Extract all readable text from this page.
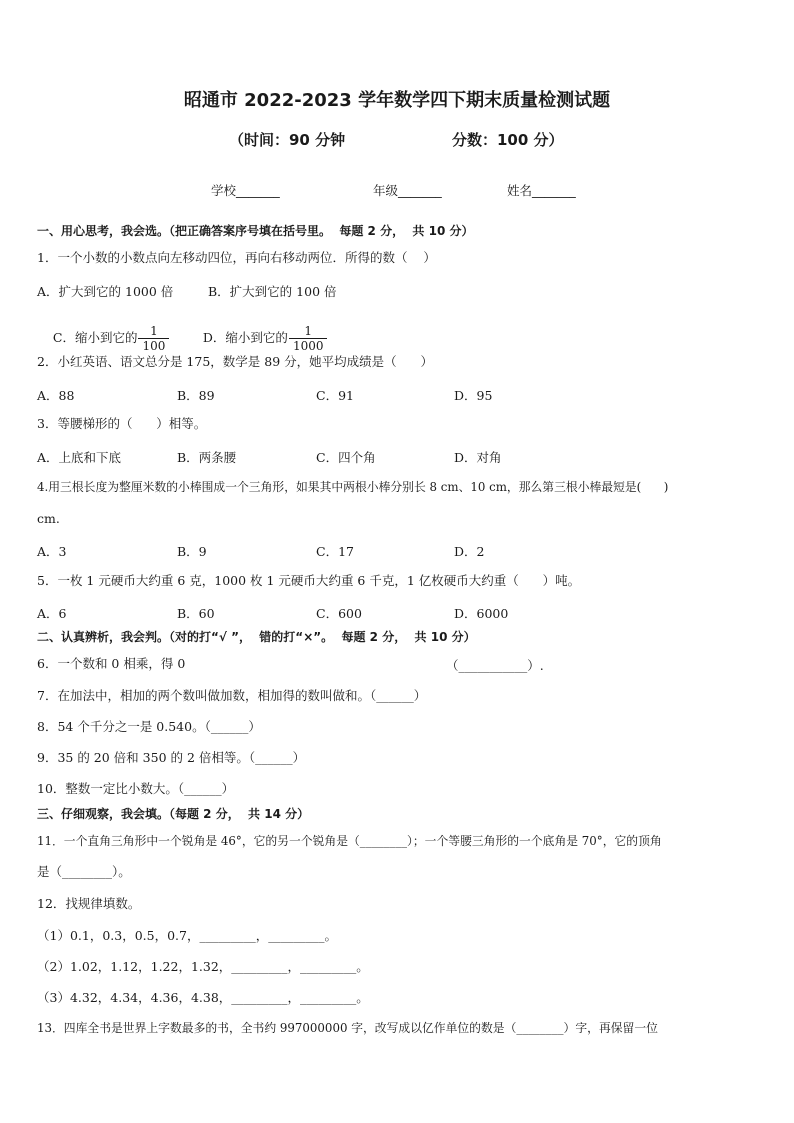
昭通市 2022-2023 学年数学四下期末质量检测试题
（时间：90 分钟	分数：100 分）
学校_______	年级_______	姓名_______
一、用心思考，我会选。（把正确答案序号填在括号里。  每题 2 分，  共 10 分）
1．一个小数的小数点向左移动四位，再向右移动两位．所得的数（    ）
A．扩大到它的 1000 倍	B．扩大到它的 100 倍

C．缩小到它的 $\frac{1}{100}$

	D．缩小到它的 $\frac{1}{1000}$

2．小红英语、语文总分是 175，数学是 89 分，她平均成绩是（      ）
A．88	B．89	C．91	D．95
3．等腰梯形的（      ）相等。
A．上底和下底	B．两条腰	C．四个角	D．对角
4.用三根长度为整厘米数的小棒围成一个三角形，如果其中两根小棒分别长 8 cm、10 cm，那么第三根小棒最短是(      )
cm.
A．3	B．9	C．17	D．2
5．一枚 1 元硬币大约重 6 克，1000 枚 1 元硬币大约重 6 千克，1 亿枚硬币大约重（      ）吨。
A．6	B．60	C．600	D．6000
二、认真辨析，我会判。（对的打“√ ”，  错的打“×”。  每题 2 分，  共 10 分）
6．一个数和 0 相乘，得 0	（___________）.
7．在加法中，相加的两个数叫做加数，相加得的数叫做和。（______）
8．54 个千分之一是 0.540。（______）
9．35 的 20 倍和 350 的 2 倍相等。（______）
10．整数一定比小数大。（______）
三、仔细观察，我会填。（每题 2 分，  共 14 分）
11．一个直角三角形中一个锐角是 46°，它的另一个锐角是（________）；一个等腰三角形的一个底角是 70°，它的顶角
是（________）。
12．找规律填数。
（1）0.1，0.3，0.5，0.7，_________，_________。
（2）1.02，1.12，1.22，1.32，_________，_________。
（3）4.32，4.34，4.36，4.38，_________，_________。
13．四库全书是世界上字数最多的书，全书约 997000000 字，改写成以亿作单位的数是（________）字，再保留一位
